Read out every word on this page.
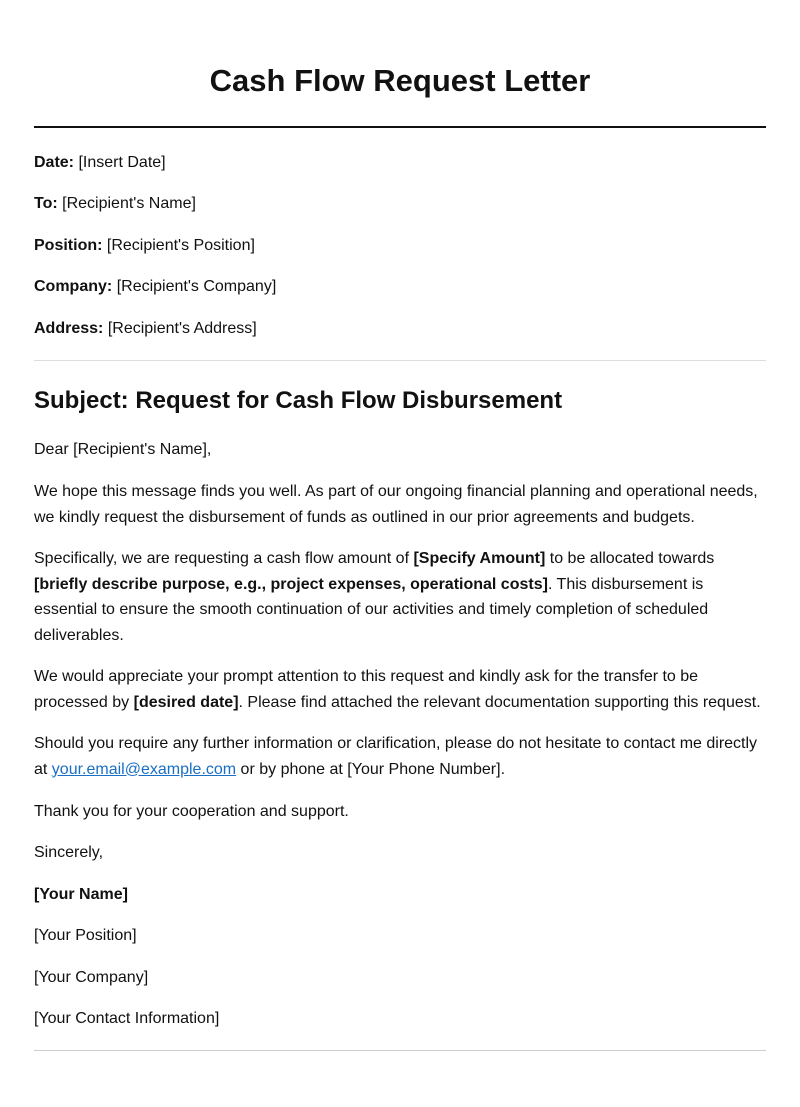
Cash Flow Request Letter

Date: [Insert Date]

To: [Recipient's Name]

Position: [Recipient's Position]

Company: [Recipient's Company]

Address: [Recipient's Address]

Subject: Request for Cash Flow Disbursement

Dear [Recipient's Name],

We hope this message finds you well. As part of our ongoing financial planning and operational needs, we kindly request the disbursement of funds as outlined in our prior agreements and budgets.

Specifically, we are requesting a cash flow amount of [Specify Amount] to be allocated towards [briefly describe purpose, e.g., project expenses, operational costs]. This disbursement is essential to ensure the smooth continuation of our activities and timely completion of scheduled deliverables.

We would appreciate your prompt attention to this request and kindly ask for the transfer to be processed by [desired date]. Please find attached the relevant documentation supporting this request.

Should you require any further information or clarification, please do not hesitate to contact me directly at your.email@example.com or by phone at [Your Phone Number].

Thank you for your cooperation and support.

Sincerely,

[Your Name]

[Your Position]

[Your Company]

[Your Contact Information]
